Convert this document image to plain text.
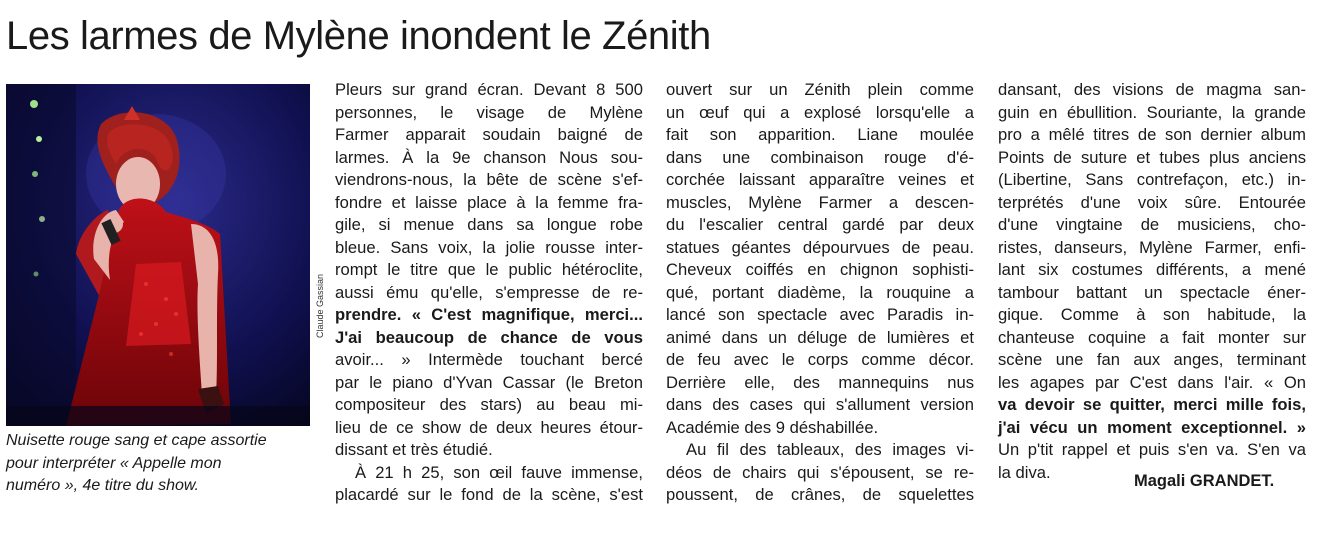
Les larmes de Mylène inondent le Zénith
Claude Gassian
Nuisette rouge sang et cape assortie
pour interpréter « Appelle mon
numéro », 4e titre du show.
Pleurs sur grand écran. Devant 8 500
personnes, le visage de Mylène
Farmer apparait soudain baigné de
larmes. À la 9e chanson Nous sou-
viendrons-nous, la bête de scène s'ef-
fondre et laisse place à la femme fra-
gile, si menue dans sa longue robe
bleue. Sans voix, la jolie rousse inter-
rompt le titre que le public hétéroclite,
aussi ému qu'elle, s'empresse de re-
prendre. « C'est magnifique, merci...
J'ai beaucoup de chance de vous
avoir... » Intermède touchant bercé
par le piano d'Yvan Cassar (le Breton
compositeur des stars) au beau mi-
lieu de ce show de deux heures étour-
dissant et très étudié.
À 21 h 25, son œil fauve immense,
placardé sur le fond de la scène, s'est
ouvert sur un Zénith plein comme
un œuf qui a explosé lorsqu'elle a
fait son apparition. Liane moulée
dans une combinaison rouge d'é-
corchée laissant apparaître veines et
muscles, Mylène Farmer a descen-
du l'escalier central gardé par deux
statues géantes dépourvues de peau.
Cheveux coiffés en chignon sophisti-
qué, portant diadème, la rouquine a
lancé son spectacle avec Paradis in-
animé dans un déluge de lumières et
de feu avec le corps comme décor.
Derrière elle, des mannequins nus
dans des cases qui s'allument version
Académie des 9 déshabillée.
Au fil des tableaux, des images vi-
déos de chairs qui s'épousent, se re-
poussent, de crânes, de squelettes
dansant, des visions de magma san-
guin en ébullition. Souriante, la grande
pro a mêlé titres de son dernier album
Points de suture et tubes plus anciens
(Libertine, Sans contrefaçon, etc.) in-
terprétés d'une voix sûre. Entourée
d'une vingtaine de musiciens, cho-
ristes, danseurs, Mylène Farmer, enfi-
lant six costumes différents, a mené
tambour battant un spectacle éner-
gique. Comme à son habitude, la
chanteuse coquine a fait monter sur
scène une fan aux anges, terminant
les agapes par C'est dans l'air. « On
va devoir se quitter, merci mille fois,
j'ai vécu un moment exceptionnel. »
Un p'tit rappel et puis s'en va. S'en va
la diva.	Magali GRANDET.
